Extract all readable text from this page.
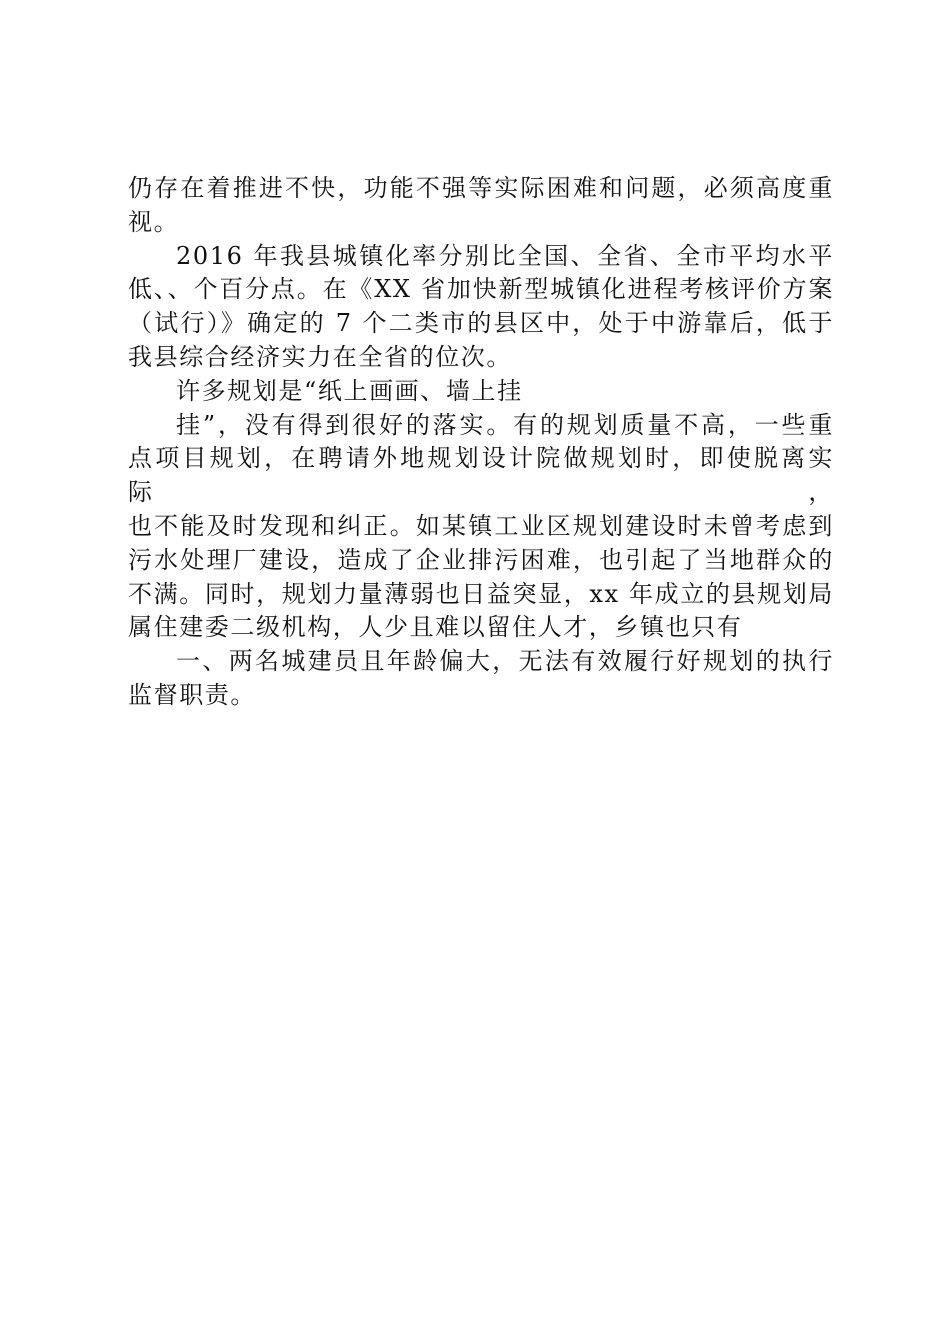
仍存在着推进不快，功能不强等实际困难和问题，必须高度重
视。
2016 年我县城镇化率分别比全国、全省、全市平均水平
低、、个百分点。在《XX 省加快新型城镇化进程考核评价方案
（试行）》确定的 7 个二类市的县区中，处于中游靠后，低于
我县综合经济实力在全省的位次。
许多规划是“纸上画画、墙上挂
挂”，没有得到很好的落实。有的规划质量不高，一些重
点项目规划，在聘请外地规划设计院做规划时，即使脱离实际，
也不能及时发现和纠正。如某镇工业区规划建设时未曾考虑到
污水处理厂建设，造成了企业排污困难，也引起了当地群众的
不满。同时，规划力量薄弱也日益突显，xx 年成立的县规划局
属住建委二级机构，人少且难以留住人才，乡镇也只有
一、两名城建员且年龄偏大，无法有效履行好规划的执行
监督职责。
